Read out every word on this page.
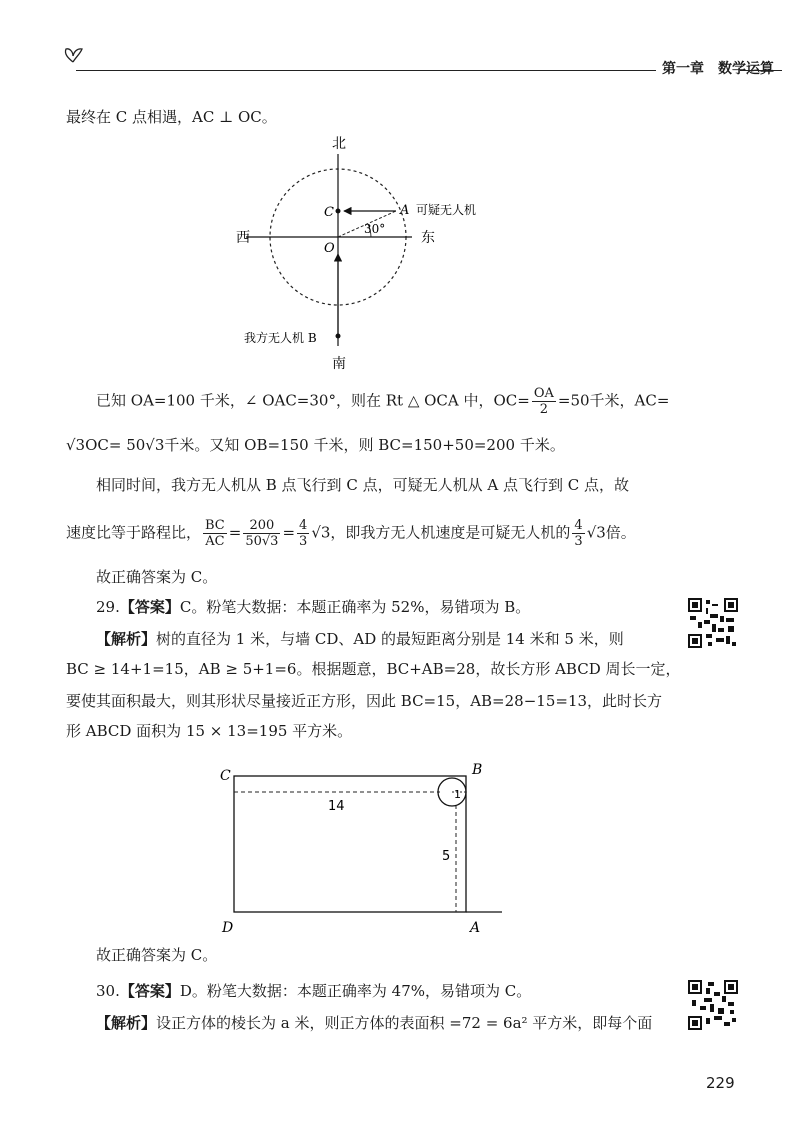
第一章 数学运算
最终在 C 点相遇，AC ⊥ OC。
北
南
西	东
C	A
O
30°
可疑无人机
我方无人机 B
已知 OA=100 千米，∠ OAC=30°，则在 Rt △ OCA 中，$OC= \frac{OA}{2} =50$千米，AC=
√3OC= 50√3千米。又知 OB=150 千米，则 BC=150+50=200 千米。
相同时间，我方无人机从 B 点飞行到 C 点，可疑无人机从 A 点飞行到 C 点，故
速度比等于路程比， $\frac{BC}{AC} = \frac{200}{50√3} = \frac{4}{3} √3$，即我方无人机速度是可疑无人机的 $\frac{4}{3} √3$倍。
故正确答案为 C。
29.【答案】C。粉笔大数据：本题正确率为 52%，易错项为 B。
【解析】树的直径为 1 米，与墙 CD、AD 的最短距离分别是 14 米和 5 米，则
BC ≥ 14+1=15，AB ≥ 5+1=6。根据题意，BC+AB=28，故长方形 ABCD 周长一定，
要使其面积最大，则其形状尽量接近正方形，因此 BC=15，AB=28−15=13，此时长方
形 ABCD 面积为 15 × 13=195 平方米。
C	B
D	A
14
5
1
故正确答案为 C。
30.【答案】D。粉笔大数据：本题正确率为 47%，易错项为 C。
【解析】设正方体的棱长为 a 米，则正方体的表面积 =72 = 6a² 平方米，即每个面
229
